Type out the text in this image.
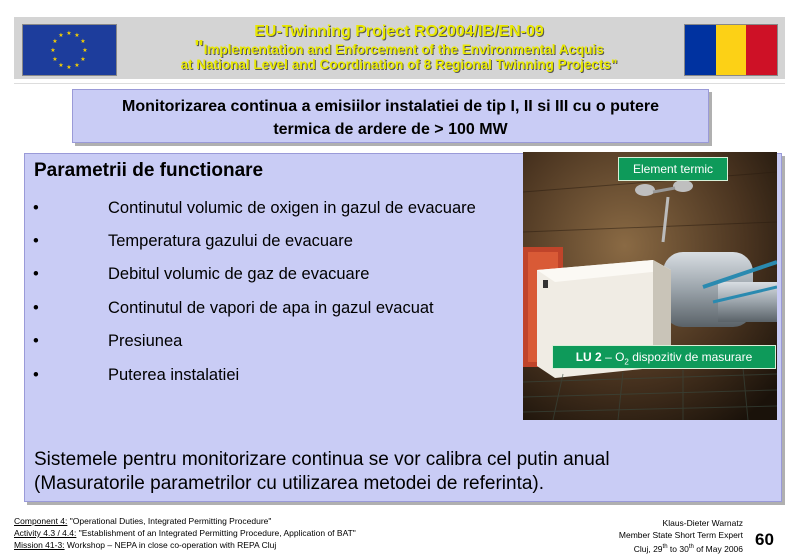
★ ★
★
★
★
★
★
★
★
★
★
★	EU-Twinning Project RO2004/IB/EN-09
"Implementation and Enforcement of the Environmental Acquis
at National Level and Coordination of 8 Regional Twinning Projects"
Monitorizarea continua a emisiilor instalatiei de tip I, II si III cu o putere
termica de ardere de > 100 MW
Parametrii de functionare
•	Continutul volumic de oxigen in gazul de evacuare
•	Temperatura gazului de evacuare
•	Debitul volumic de gaz de evacuare
•	Continutul de vapori de apa in gazul evacuat
•	Presiunea
•	Puterea instalatiei
Sistemele pentru monitorizare continua se vor calibra cel putin anual
(Masuratorile parametrilor cu utilizarea metodei de referinta).
Element termic
LU $2 - O_2$ dispozitiv de masurare
Component 4: "Operational Duties, Integrated Permitting Procedure"
Activity 4.3 / 4.4: "Establishment of an Integrated Permitting Procedure, Application of BAT"
Mission 41-3: Workshop – NEPA in close co-operation with REPA Cluj
Klaus-Dieter Warnatz
Member State Short Term Expert
Cluj, 29th to 30th of May 2006 60
